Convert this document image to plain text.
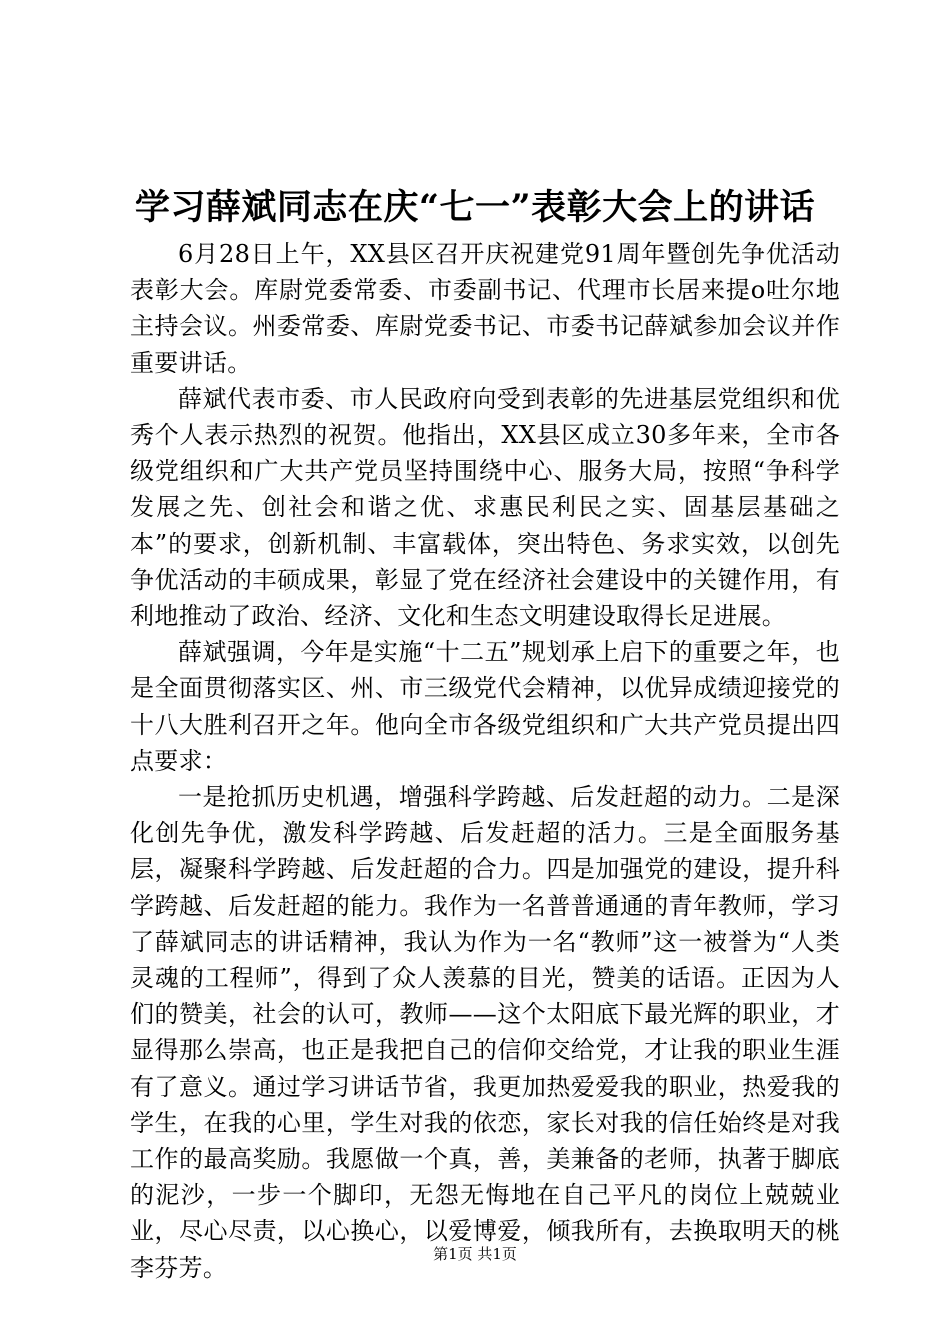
学习薛斌同志在庆“七一”表彰大会上的讲话

6月28日上午，XX县区召开庆祝建党91周年暨创先争优活动表彰大会。库尉党委常委、市委副书记、代理市长居来提o吐尔地主持会议。州委常委、库尉党委书记、市委书记薛斌参加会议并作重要讲话。

薛斌代表市委、市人民政府向受到表彰的先进基层党组织和优秀个人表示热烈的祝贺。他指出，XX县区成立30多年来，全市各级党组织和广大共产党员坚持围绕中心、服务大局，按照“争科学发展之先、创社会和谐之优、求惠民利民之实、固基层基础之本”的要求，创新机制、丰富载体，突出特色、务求实效，以创先争优活动的丰硕成果，彰显了党在经济社会建设中的关键作用，有利地推动了政治、经济、文化和生态文明建设取得长足进展。

薛斌强调，今年是实施“十二五”规划承上启下的重要之年，也是全面贯彻落实区、州、市三级党代会精神，以优异成绩迎接党的十八大胜利召开之年。他向全市各级党组织和广大共产党员提出四点要求：

一是抢抓历史机遇，增强科学跨越、后发赶超的动力。二是深化创先争优，激发科学跨越、后发赶超的活力。三是全面服务基层，凝聚科学跨越、后发赶超的合力。四是加强党的建设，提升科学跨越、后发赶超的能力。我作为一名普普通通的青年教师，学习了薛斌同志的讲话精神，我认为作为一名“教师”这一被誉为“人类灵魂的工程师”，得到了众人羡慕的目光，赞美的话语。正因为人们的赞美，社会的认可，教师——这个太阳底下最光辉的职业，才显得那么崇高，也正是我把自己的信仰交给党，才让我的职业生涯有了意义。通过学习讲话节省，我更加热爱爱我的职业，热爱我的学生，在我的心里，学生对我的依恋，家长对我的信任始终是对我工作的最高奖励。我愿做一个真，善，美兼备的老师，执著于脚底的泥沙，一步一个脚印，无怨无悔地在自己平凡的岗位上兢兢业业，尽心尽责，以心换心，以爱博爱，倾我所有，去换取明天的桃李芬芳。	第1页 共1页
